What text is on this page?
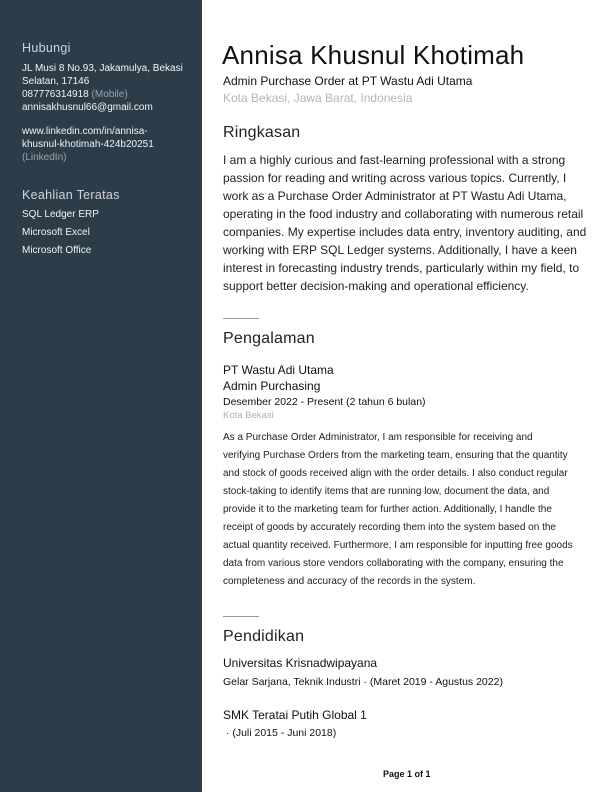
Hubungi
JL Musi 8 No.93, Jakamulya, Bekasi
Selatan, 17146
087776314918 (Mobile)
annisakhusnul66@gmail.com
www.linkedin.com/in/annisa-
khusnul-khotimah-424b20251
(LinkedIn)
Keahlian Teratas
SQL Ledger ERP
Microsoft Excel
Microsoft Office
Annisa Khusnul Khotimah
Admin Purchase Order at PT Wastu Adi Utama
Kota Bekasi, Jawa Barat, Indonesia
Ringkasan
I am a highly curious and fast-learning professional with a strong
passion for reading and writing across various topics. Currently, I
work as a Purchase Order Administrator at PT Wastu Adi Utama,
operating in the food industry and collaborating with numerous retail
companies. My expertise includes data entry, inventory auditing, and
working with ERP SQL Ledger systems. Additionally, I have a keen
interest in forecasting industry trends, particularly within my field, to
support better decision-making and operational efficiency.
Pengalaman
PT Wastu Adi Utama
Admin Purchasing
Desember 2022 - Present (2 tahun 6 bulan)
Kota Bekasi
As a Purchase Order Administrator, I am responsible for receiving and
verifying Purchase Orders from the marketing team, ensuring that the quantity
and stock of goods received align with the order details. I also conduct regular
stock-taking to identify items that are running low, document the data, and
provide it to the marketing team for further action. Additionally, I handle the
receipt of goods by accurately recording them into the system based on the
actual quantity received. Furthermore, I am responsible for inputting free goods
data from various store vendors collaborating with the company, ensuring the
completeness and accuracy of the records in the system.
Pendidikan
Universitas Krisnadwipayana
Gelar Sarjana, Teknik Industri · (Maret 2019 - Agustus 2022)
SMK Teratai Putih Global 1
· (Juli 2015 - Juni 2018)
Page 1 of 1
